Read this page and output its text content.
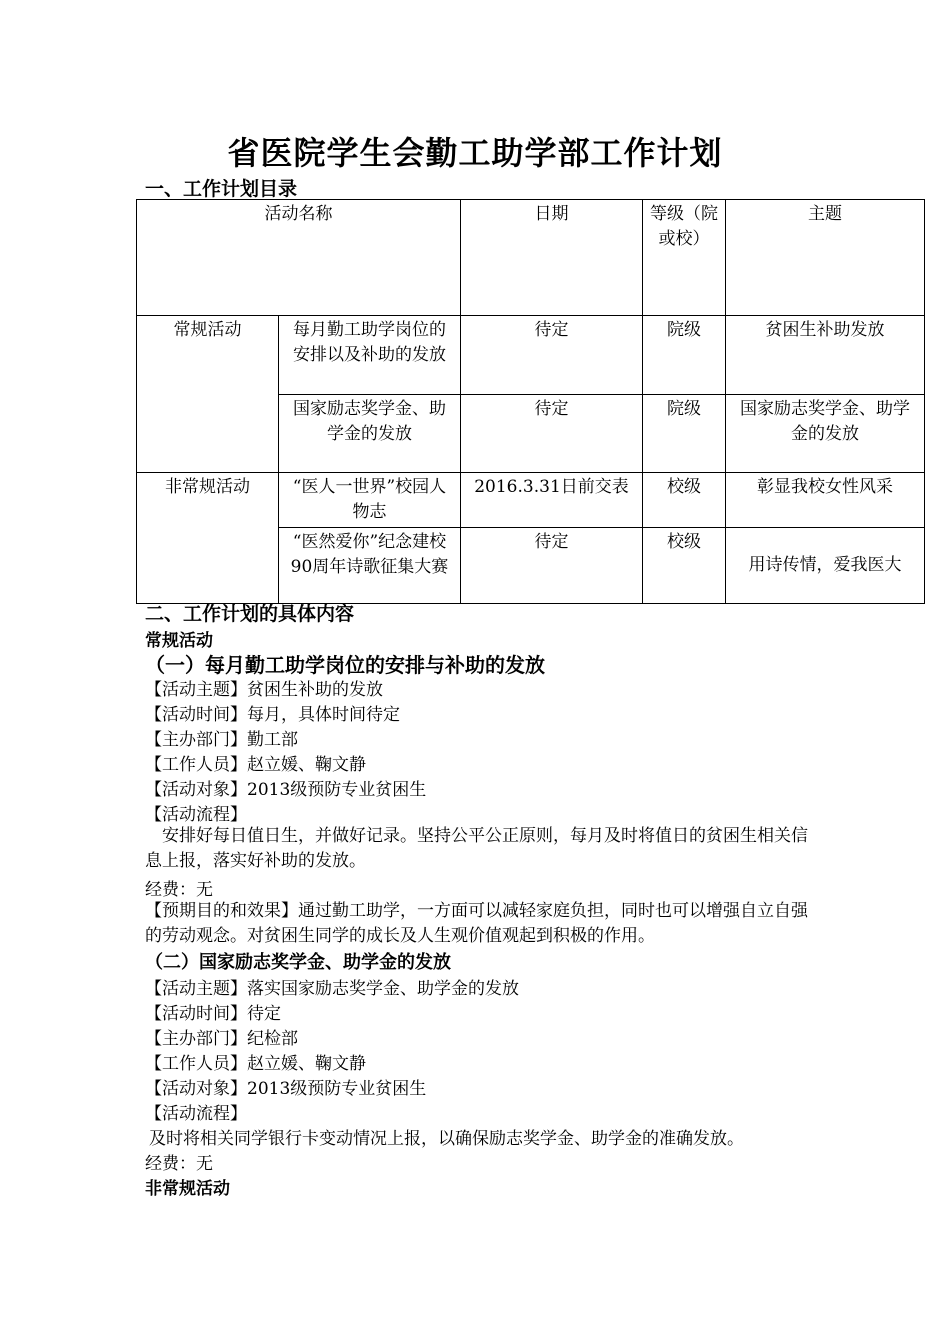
省医院学生会勤工助学部工作计划
一、工作计划目录
活动名称		日期	等级（院或校）	主题
常规活动	每月勤工助学岗位的安排以及补助的发放	待定	院级	贫困生补助发放
	国家励志奖学金、助学金的发放	待定	院级	国家励志奖学金、助学金的发放
非常规活动	“医人一世界”校园人物志	2016.3.31日前交表	校级	彰显我校女性风采
	“医然爱你”纪念建校90周年诗歌征集大赛	待定	校级	用诗传情，爱我医大
二、工作计划的具体内容
常规活动
（一）每月勤工助学岗位的安排与补助的发放
【活动主题】贫困生补助的发放
【活动时间】每月，具体时间待定
【主办部门】勤工部
【工作人员】赵立媛、鞠文静
【活动对象】2013级预防专业贫困生
【活动流程】
安排好每日值日生，并做好记录。坚持公平公正原则，每月及时将值日的贫困生相关信息上报，落实好补助的发放。
经费：无
【预期目的和效果】通过勤工助学，一方面可以减轻家庭负担，同时也可以增强自立自强的劳动观念。对贫困生同学的成长及人生观价值观起到积极的作用。
（二）国家励志奖学金、助学金的发放
【活动主题】落实国家励志奖学金、助学金的发放
【活动时间】待定
【主办部门】纪检部
【工作人员】赵立媛、鞠文静
【活动对象】2013级预防专业贫困生
【活动流程】
及时将相关同学银行卡变动情况上报，以确保励志奖学金、助学金的准确发放。
经费：无
非常规活动
